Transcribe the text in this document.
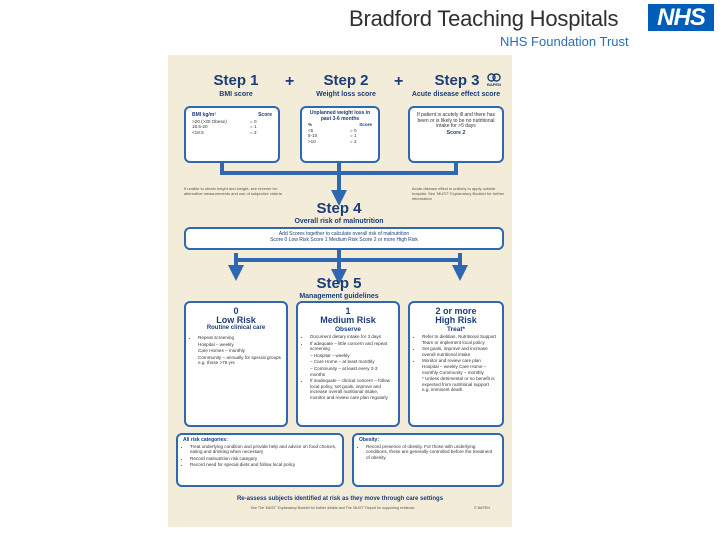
Bradford Teaching Hospitals
NHS Foundation Trust
NHS
BAPEN
Step 1
BMI score
+	Step 2
Weight loss score
+	Step 3
Acute disease effect score
BMI kg/m²	Score
>20 (>30 Obese)	= 0
18.5-20	= 1
<18.5	= 2
Unplanned weight loss in past 3-6 months
%	Score
<5	= 0
5-10	= 1
>10	= 2
If patient is acutely ill and there has been or is likely to be no nutritional intake for >5 days
Score 2
If unable to obtain height and weight, see reverse for alternative measurements and use of subjective criteria
Acute disease effect is unlikely to apply outside hospital. See 'MUST' Explanatory Booklet for further information
Step 4
Overall risk of malnutrition
Add Scores together to calculate overall risk of malnutrition
Score 0 Low Risk Score 1 Medium Risk Score 2 or more High Risk
Step 5
Management guidelines
0
Low Risk
Routine clinical care
• Repeat screening
Hospital – weekly
Care Homes – monthly
Community – annually for special groups e.g. those >75 yrs
1
Medium Risk
Observe
• Document dietary intake for 3 days
• If adequate – little concern and repeat screening
– Hospital – weekly
– Care Home – at least monthly
– Community – at least every 2-3 months
• If inadequate – clinical concern – follow local policy, set goals, improve and increase overall nutritional intake, monitor and review care plan regularly
2 or more
High Risk
Treat*
• Refer to dietitian, Nutritional Support Team or implement local policy
• Set goals, improve and increase overall nutritional intake
• Monitor and review care plan Hospital – weekly Care Home – monthly Community – monthly
* Unless detrimental or no benefit is expected from nutritional support e.g. imminent death.
All risk categories:
• Treat underlying condition and provide help and advice on food choices, eating and drinking when necessary
• Record malnutrition risk category
• Record need for special diets and follow local policy
Obesity:
• Record presence of obesity. For those with underlying conditions, these are generally controlled before the treatment of obesity.
Re-assess subjects identified at risk as they move through care settings
See The 'MUST' Explanatory Booklet for further details and The 'MUST' Report for supporting evidence.	© BAPEN
